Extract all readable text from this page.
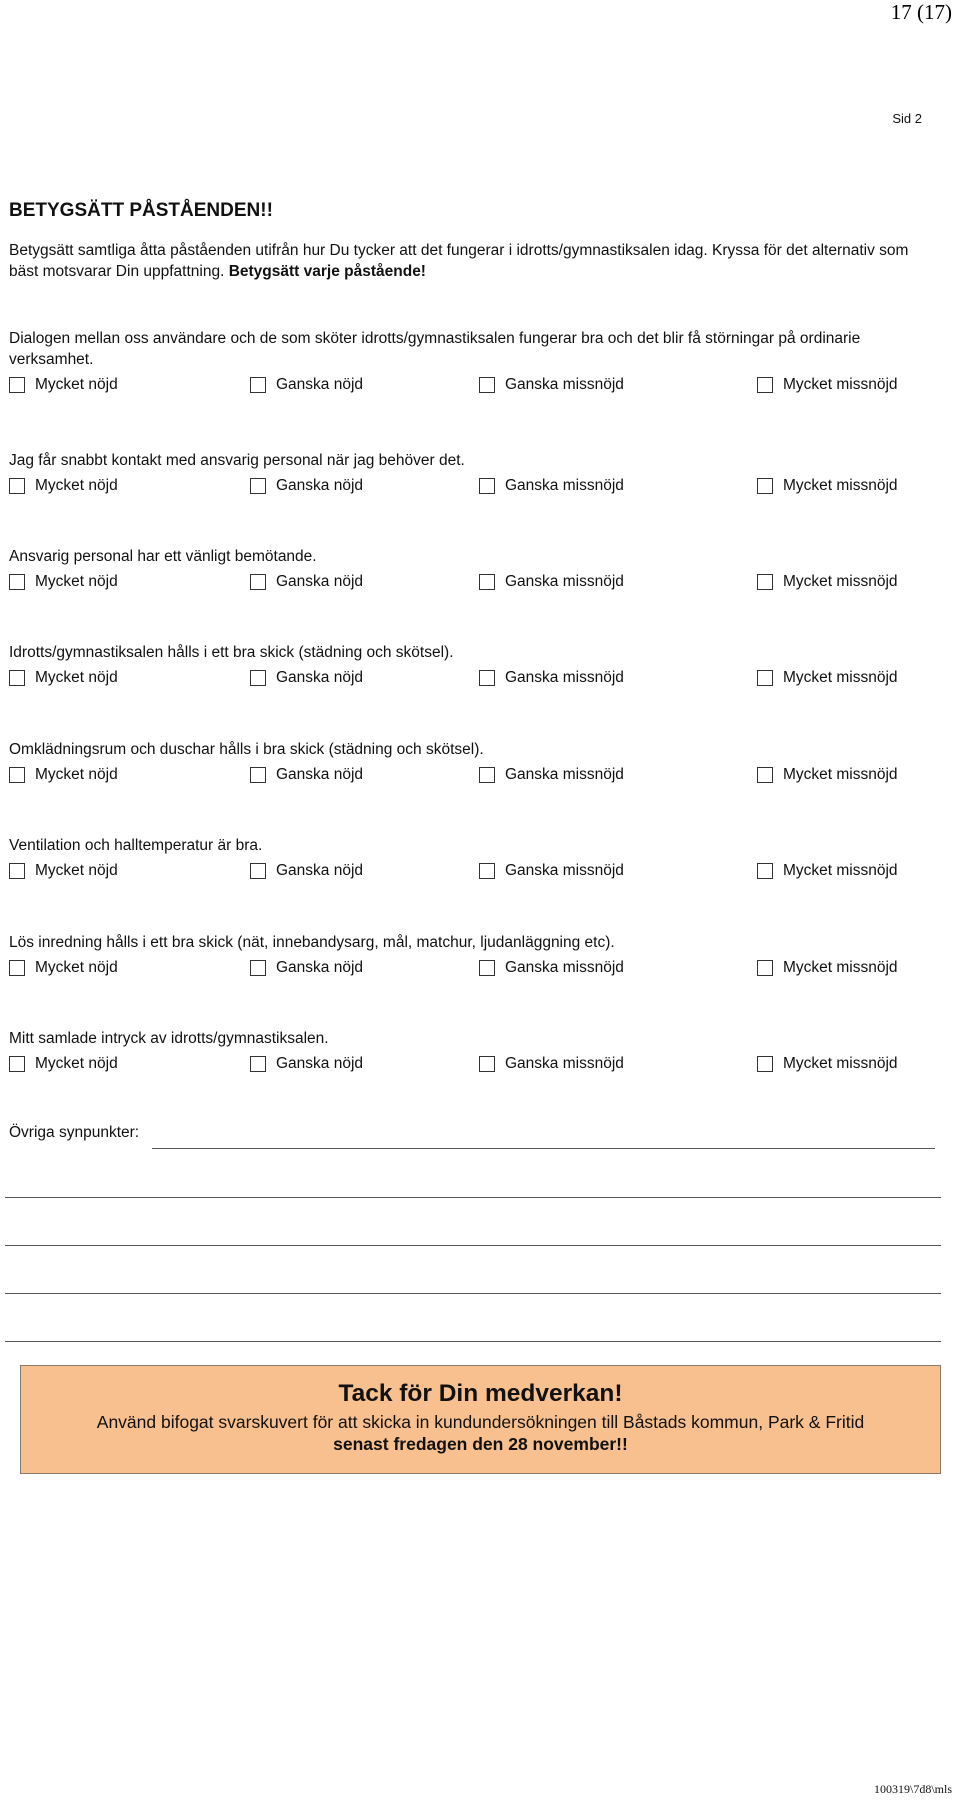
17 (17)
Sid 2
BETYGSÄTT PÅSTÅENDEN!!
Betygsätt samtliga åtta påståenden utifrån hur Du tycker att det fungerar i idrotts/gymnastiksalen idag. Kryssa för det alternativ som bäst motsvarar Din uppfattning. Betygsätt varje påstående!
Dialogen mellan oss användare och de som sköter idrotts/gymnastiksalen fungerar bra och det blir få störningar på ordinarie verksamhet.
Mycket nöjd	Ganska nöjd	Ganska missnöjd	Mycket missnöjd
Jag får snabbt kontakt med ansvarig personal när jag behöver det.
Mycket nöjd	Ganska nöjd	Ganska missnöjd	Mycket missnöjd
Ansvarig personal har ett vänligt bemötande.
Mycket nöjd	Ganska nöjd	Ganska missnöjd	Mycket missnöjd
Idrotts/gymnastiksalen hålls i ett bra skick (städning och skötsel).
Mycket nöjd	Ganska nöjd	Ganska missnöjd	Mycket missnöjd
Omklädningsrum och duschar hålls i bra skick (städning och skötsel).
Mycket nöjd	Ganska nöjd	Ganska missnöjd	Mycket missnöjd
Ventilation och halltemperatur är bra.
Mycket nöjd	Ganska nöjd	Ganska missnöjd	Mycket missnöjd
Lös inredning hålls i ett bra skick (nät, innebandysarg, mål, matchur, ljudanläggning etc).
Mycket nöjd	Ganska nöjd	Ganska missnöjd	Mycket missnöjd
Mitt samlade intryck av idrotts/gymnastiksalen.
Mycket nöjd	Ganska nöjd	Ganska missnöjd	Mycket missnöjd
Övriga synpunkter:
Tack för Din medverkan!
Använd bifogat svarskuvert för att skicka in kundundersökningen till Båstads kommun, Park & Fritid
senast fredagen den 28 november!!
100319\7d8\mls
